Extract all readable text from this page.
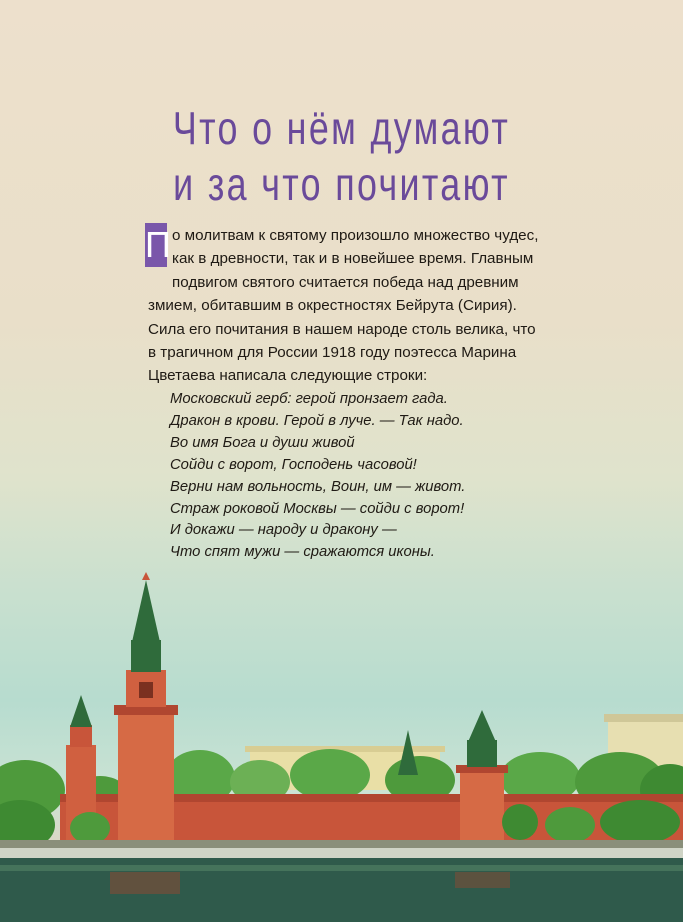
Что о нём думают
и за что почитают
П о молитвам к святому произошло множество чудес,
как в древности, так и в новейшее время. Главным
подвигом святого считается победа над древним
змием, обитавшим в окрестностях Бейрута (Сирия).
Сила его почитания в нашем народе столь велика, что
в трагичном для России 1918 году поэтесса Марина
Цветаева написала следующие строки:
Московский герб: герой пронзает гада.
Дракон в крови. Герой в луче. — Так надо.
Во имя Бога и души живой
Сойди с ворот, Господень часовой!
Верни нам вольность, Воин, им — живот.
Страж роковой Москвы — сойди с ворот!
И докажи — народу и дракону —
Что спят мужи — сражаются иконы.
